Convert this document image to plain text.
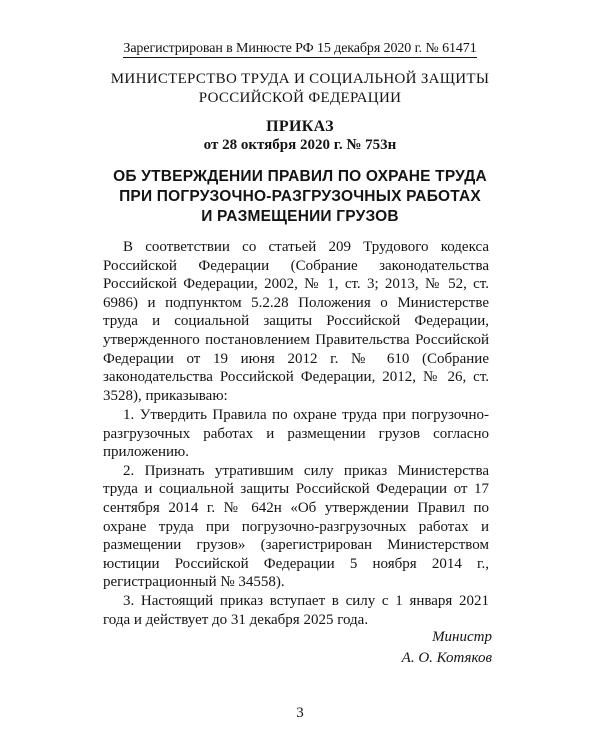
Зарегистрирован в Минюсте РФ 15 декабря 2020 г. № 61471
МИНИСТЕРСТВО ТРУДА И СОЦИАЛЬНОЙ ЗАЩИТЫ
РОССИЙСКОЙ ФЕДЕРАЦИИ
ПРИКАЗ
от 28 октября 2020 г. № 753н
ОБ УТВЕРЖДЕНИИ ПРАВИЛ ПО ОХРАНЕ ТРУДА
ПРИ ПОГРУЗОЧНО-РАЗГРУЗОЧНЫХ РАБОТАХ
И РАЗМЕЩЕНИИ ГРУЗОВ

В соответствии со статьей 209 Трудового кодекса Российской Федерации (Собрание законодательства Российской Федерации, 2002, № 1, ст. 3; 2013, № 52, ст. 6986) и подпунктом 5.2.28 Положения о Министерстве труда и социальной защиты Российской Федерации, утвержденного постановлением Правительства Российской Федерации от 19 июня 2012 г. № 610 (Собрание законодательства Российской Федерации, 2012, № 26, ст. 3528), приказываю:

1. Утвердить Правила по охране труда при погрузочно-разгрузочных работах и размещении грузов согласно приложению.

2. Признать утратившим силу приказ Министерства труда и социальной защиты Российской Федерации от 17 сентября 2014 г. № 642н «Об утверждении Правил по охране труда при погрузочно-разгрузочных работах и размещении грузов» (зарегистрирован Министерством юстиции Российской Федерации 5 ноября 2014 г., регистрационный № 34558).

3. Настоящий приказ вступает в силу с 1 января 2021 года и действует до 31 декабря 2025 года.

Министр
А. О. Котяков
3
